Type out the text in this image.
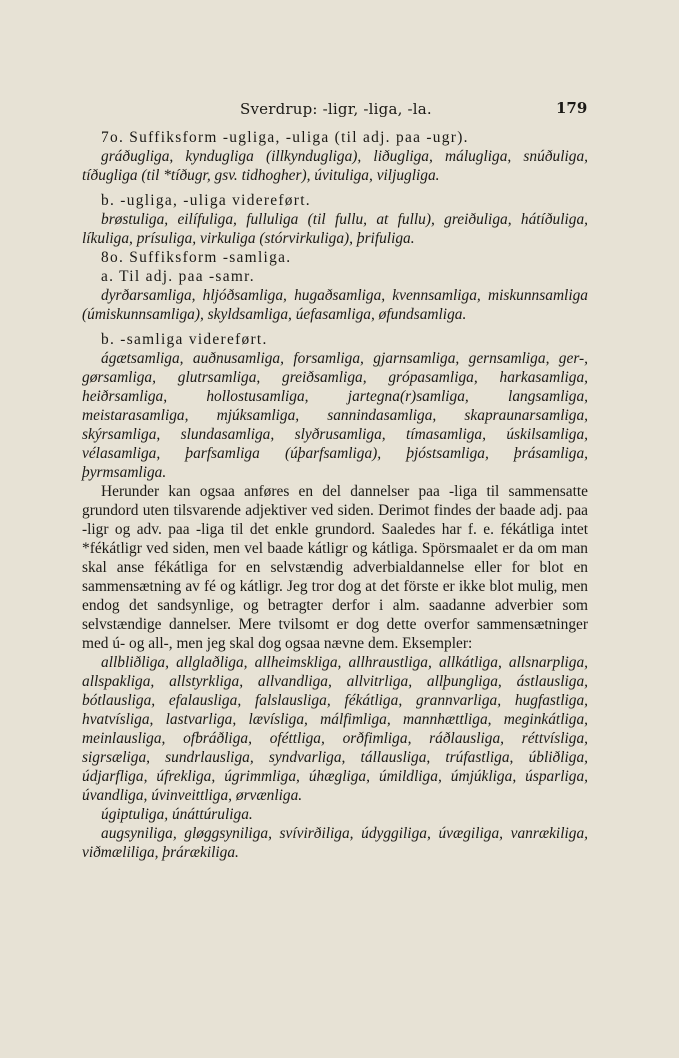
Sverdrup: -ligr, -liga, -la.	179

7o. Suffiksform -ugliga, -uliga (til adj. paa -ugr).

gráðugliga, kyndugliga (illkyndugliga), liðugliga, málugliga, snúðuliga, tíðugliga (til *tíðugr, gsv. tidhogher), úvituliga, viljugliga.

b. -ugliga, -uliga videreført.

brøstuliga, eilífuliga, fulluliga (til fullu, at fullu), greiðuliga, hátíðuliga, líkuliga, prísuliga, virkuliga (stórvirkuliga), þrifuliga.

8o. Suffiksform -samliga.

a. Til adj. paa -samr.

dyrðarsamliga, hljóðsamliga, hugaðsamliga, kvennsamliga, miskunnsamliga (úmiskunnsamliga), skyldsamliga, úefasamliga, øfundsamliga.

b. -samliga videreført.

ágætsamliga, auðnusamliga, forsamliga, gjarnsamliga, gernsamliga, ger-, gørsamliga, glutrsamliga, greiðsamliga, grópasamliga, harkasamliga, heiðrsamliga, hollostusamliga, jartegna(r)samliga, langsamliga, meistarasamliga, mjúksamliga, sannindasamliga, skapraunarsamliga, skýrsamliga, slundasamliga, slyðrusamliga, tímasamliga, úskilsamliga, vélasamliga, þarfsamliga (úþarfsamliga), þjóstsamliga, þrásamliga, þyrmsamliga.

Herunder kan ogsaa anføres en del dannelser paa -liga til sammensatte grundord uten tilsvarende adjektiver ved siden. Derimot findes der baade adj. paa -ligr og adv. paa -liga til det enkle grundord. Saaledes har f. e. fékátliga intet *fékátligr ved siden, men vel baade kátligr og kátliga. Spörsmaalet er da om man skal anse fékátliga for en selvstændig adverbialdannelse eller for blot en sammensætning av fé og kátligr. Jeg tror dog at det förste er ikke blot mulig, men endog det sandsynlige, og betragter derfor i alm. saadanne adverbier som selvstændige dannelser. Mere tvilsomt er dog dette overfor sammensætninger med ú- og all-, men jeg skal dog ogsaa nævne dem. Eksempler:

allbliðliga, allglaðliga, allheimskliga, allhraustliga, allkátliga, allsnarpliga, allspakliga, allstyrkliga, allvandliga, allvitrliga, allþungliga, ástlausliga, bótlausliga, efalausliga, falslausliga, fékátliga, grannvarliga, hugfastliga, hvatvísliga, lastvarliga, lævísliga, málfimliga, mannhættliga, meginkátliga, meinlausliga, ofbráðliga, oféttliga, orðfimliga, ráðlausliga, réttvísliga, sigrsæliga, sundrlausliga, syndvarliga, tállausliga, trúfastliga, úbliðliga, údjarfliga, úfrekliga, úgrimmliga, úhægliga, úmildliga, úmjúkliga, úsparliga, úvandliga, úvinveittliga, ørvænliga.

úgiptuliga, únáttúruliga.

augsyniliga, gløggsyniliga, svívirðiliga, údyggiliga, úvægiliga, vanrækiliga, viðmæliliga, þrárækiliga.
